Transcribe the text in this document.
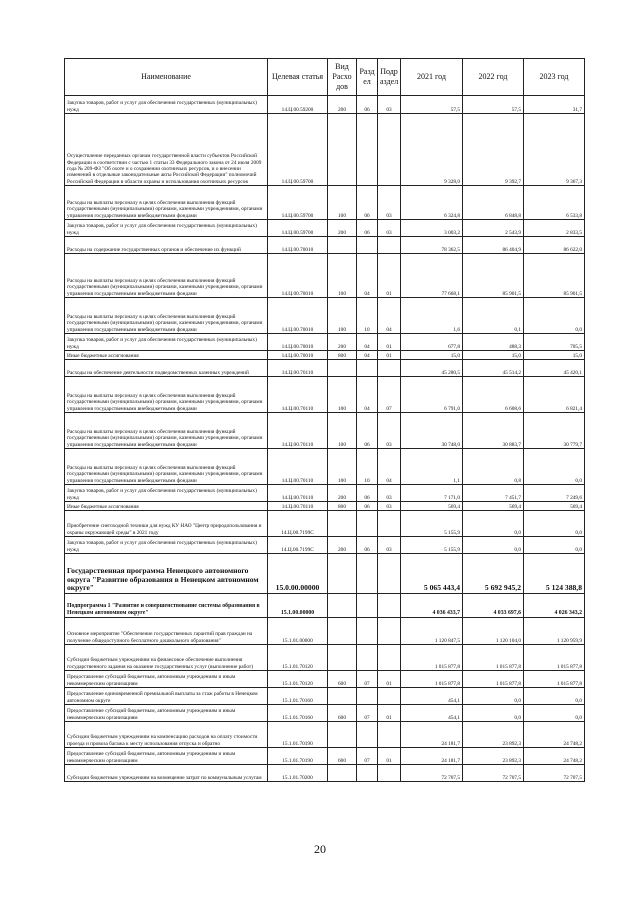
Наименование	Целевая статья	Вид Расхо дов	Разд ел	Подр аздел	2021 год	2022 год	2023 год
Закупка товаров, работ и услуг для обеспечения государственных (муниципальных) нужд	14.Ц.00.59200	200	06	03	57,5	57,5	31,7
Осуществление переданных органам государственной власти субъектов Российской Федерации в соответствии с частью 1 статьи 33 Федерального закона от 24 июля 2009 года № 209-ФЗ "Об охоте и о сохранении охотничьих ресурсов, и о внесении изменений в отдельные законодательные акты Российской Федерации" полномочий Российской Федерации в области охраны и использования охотничьих ресурсов	14.Ц.00.59700				9 328,0	9 392,7	9 367,3
Расходы на выплаты персоналу в целях обеспечения выполнения функций государственными (муниципальными) органами, казенными учреждениями, органами управления государственными внебюджетными фондами	14.Ц.00.59700	100	06	03	6 324,8	6 848,8	6 533,8
Закупка товаров, работ и услуг для обеспечения государственных (муниципальных) нужд	14.Ц.00.59700	200	06	03	3 003,2	2 543,9	2 833,5
Расходы на содержание государственных органов и обеспечение их функций	14.Ц.00.70010				78 362,5	86 404,9	86 622,0
Расходы на выплаты персоналу в целях обеспечения выполнения функций государственными (муниципальными) органами, казенными учреждениями, органами управления государственными внебюджетными фондами	14.Ц.00.70010	100	04	01	77 668,1	85 901,5	85 901,5
Расходы на выплаты персоналу в целях обеспечения выполнения функций государственными (муниципальными) органами, казенными учреждениями, органами управления государственными внебюджетными фондами	14.Ц.00.70010	100	10	04	1,6	0,1	0,0
Закупка товаров, работ и услуг для обеспечения государственных (муниципальных) нужд	14.Ц.00.70010	200	04	01	677,8	488,3	705,5
Иные бюджетные ассигнования	14.Ц.00.70010	800	04	01	15,0	15,0	15,0
Расходы на обеспечение деятельности подведомственных казенных учреждений	14.Ц.00.70110				45 280,5	45 514,2	45 420,1
Расходы на выплаты персоналу в целях обеспечения выполнения функций государственными (муниципальными) органами, казенными учреждениями, органами управления государственными внебюджетными фондами	14.Ц.00.70110	100	04	07	6 791,0	6 608,6	6 821,4
Расходы на выплаты персоналу в целях обеспечения выполнения функций государственными (муниципальными) органами, казенными учреждениями, органами управления государственными внебюджетными фондами	14.Ц.00.70110	100	06	03	30 748,0	30 883,7	30 779,7
Расходы на выплаты персоналу в целях обеспечения выполнения функций государственными (муниципальными) органами, казенными учреждениями, органами управления государственными внебюджетными фондами	14.Ц.00.70110	100	10	04	1,1	0,8	0,0
Закупка товаров, работ и услуг для обеспечения государственных (муниципальных) нужд	14.Ц.00.70110	200	06	03	7 171,0	7 451,7	7 249,6
Иные бюджетные ассигнования	14.Ц.00.70110	800	06	03	569,4	569,4	569,4
Приобретение снегоходной техники для нужд КУ НАО "Центр природопользования и охраны окружающей среды" в 2021 году	14.Ц.00.7199С				5 155,9	0,0	0,0
Закупка товаров, работ и услуг для обеспечения государственных (муниципальных) нужд	14.Ц.00.7199С	200	06	03	5 155,9	0,0	0,0
Государственная программа Ненецкого автономного округа "Развитие образования в Ненецком автономном округе"	15.0.00.00000				5 065 443,4	5 692 945,2	5 124 388,8
Подпрограмма 1 "Развитие и совершенствование системы образования в Ненецком автономном округе"	15.1.00.00000				4 036 433,7	4 033 697,6	4 026 343,2
Основное мероприятие "Обеспечение государственных гарантий прав граждан на получение общедоступного бесплатного дошкольного образования"	15.1.01.00000				1 120 847,5	1 120 104,0	1 120 959,9
Субсидии бюджетным учреждениям на финансовое обеспечение выполнения государственного задания на оказание государственных услуг (выполнение работ)	15.1.01.70120				1 015 877,8	1 015 877,8	1 015 877,8
Предоставление субсидий бюджетным, автономным учреждениям и иным некоммерческим организациям	15.1.01.70120	600	07	01	1 015 877,8	1 015 877,8	1 015 877,8
Предоставление единовременной премиальной выплаты за стаж работы в Ненецком автономном округе	15.1.01.70160				454,1	0,0	0,0
Предоставление субсидий бюджетным, автономным учреждениям и иным некоммерческим организациям	15.1.01.70160	600	07	01	454,1	0,0	0,0
Субсидии бюджетным учреждениям на компенсацию расходов на оплату стоимости проезда и провоза багажа к месту использования отпуска и обратно	15.1.01.70190				24 181,7	23 892,3	24 748,2
Предоставление субсидий бюджетным, автономным учреждениям и иным некоммерческим организациям	15.1.01.70190	600	07	01	24 181,7	23 892,3	24 748,2
Субсидии бюджетным учреждениям на возмещение затрат по коммунальным услугам	15.1.01.70200				72 707,5	72 707,5	72 707,5
20
